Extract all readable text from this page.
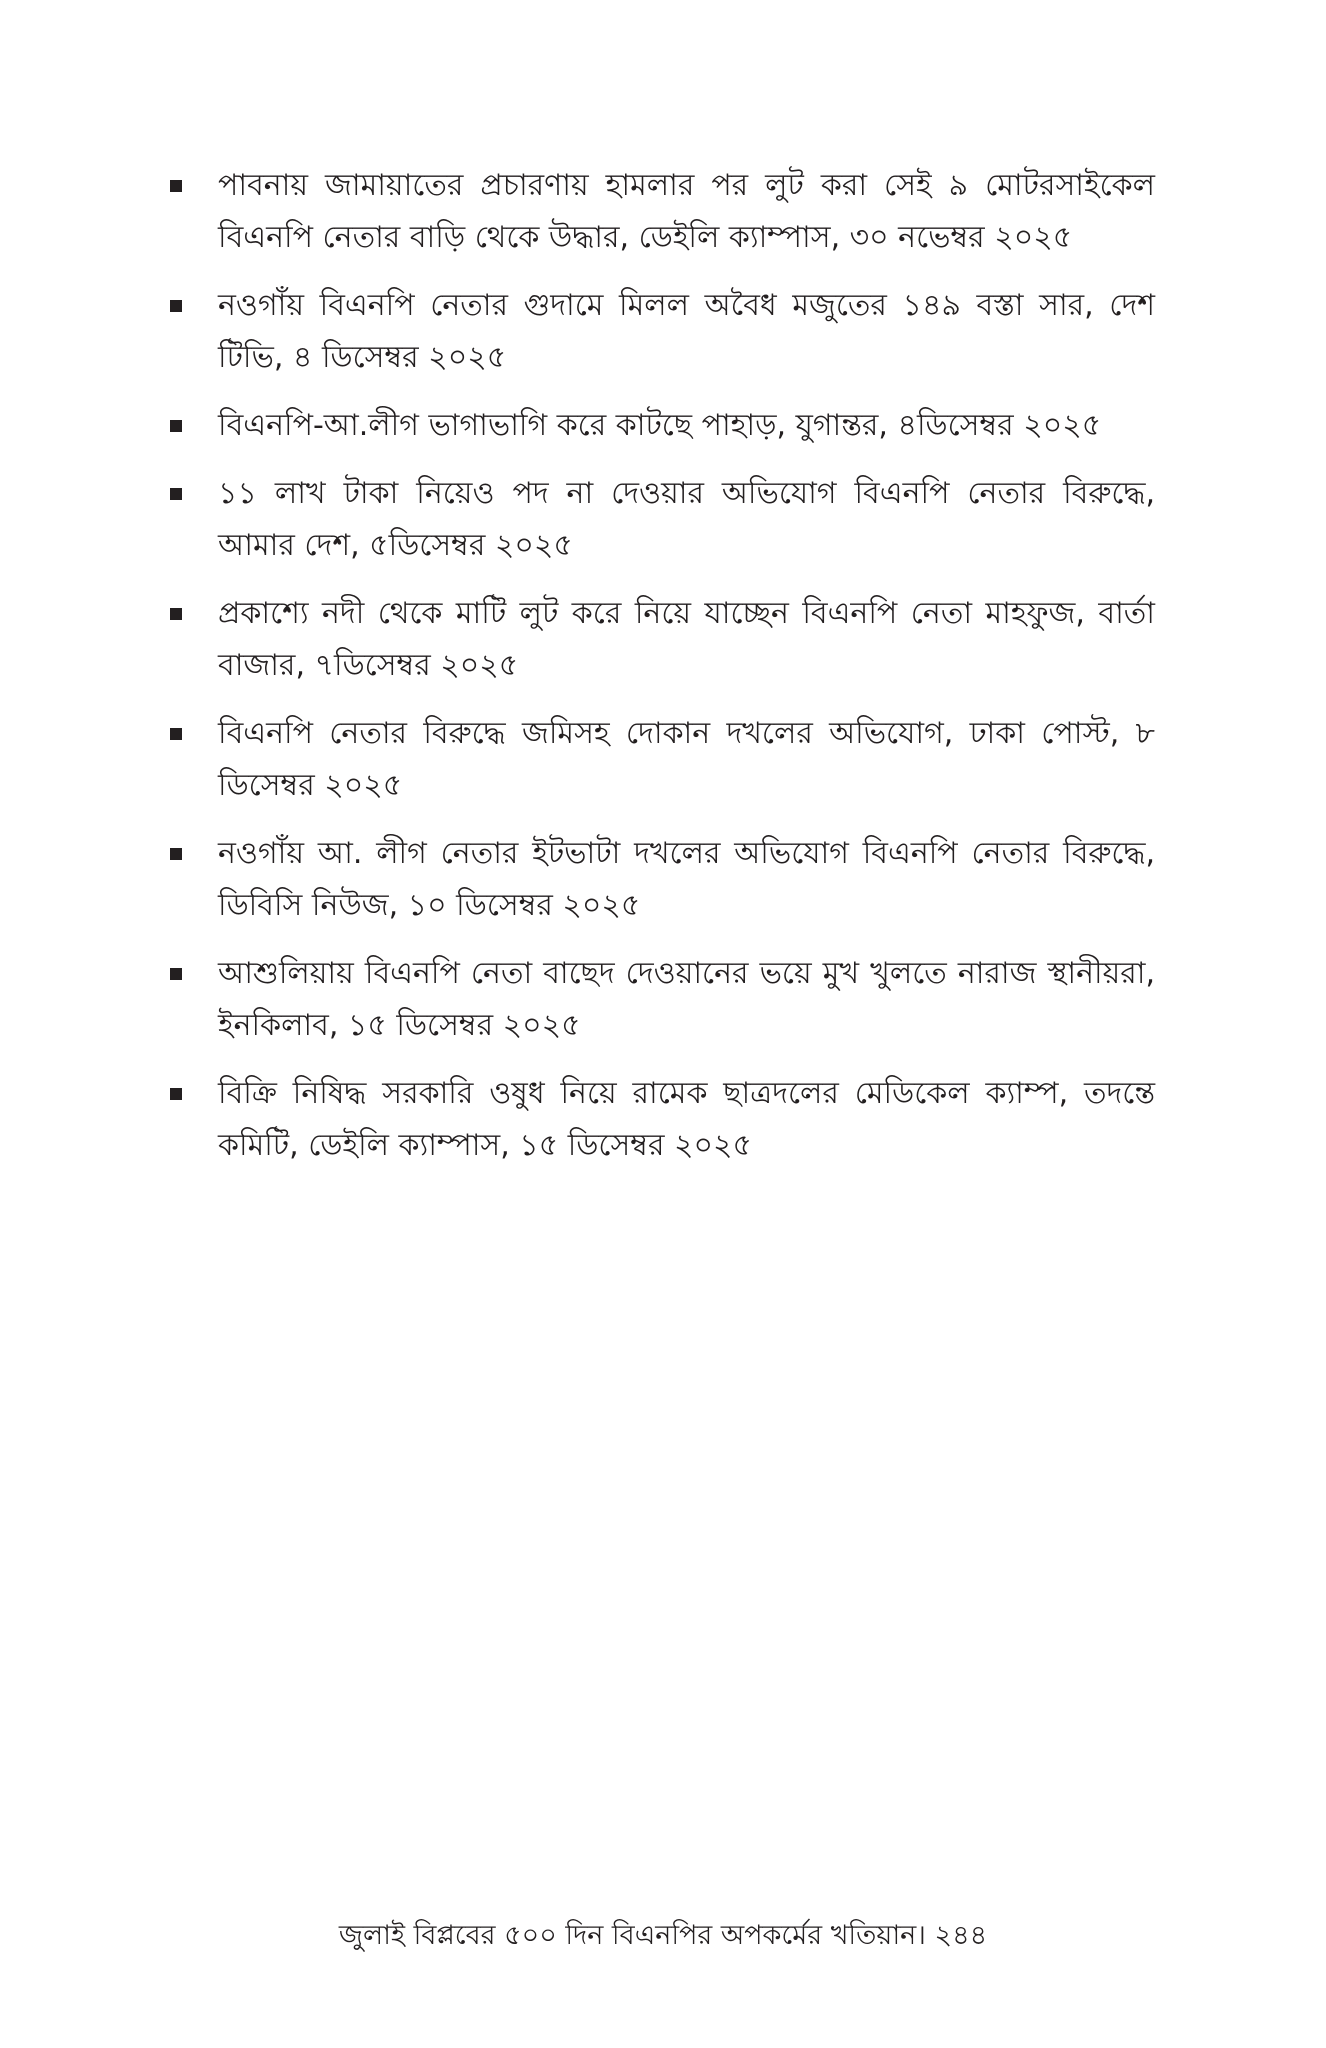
পাবনায় জামায়াতের প্রচারণায় হামলার পর লুট করা সেই ৯ মোটরসাইকেল বিএনপি নেতার বাড়ি থেকে উদ্ধার, ডেইলি ক্যাম্পাস, ৩০ নভেম্বর ২০২৫
নওগাঁয় বিএনপি নেতার গুদামে মিলল অবৈধ মজুতের ১৪৯ বস্তা সার, দেশ টিভি, ৪ ডিসেম্বর ২০২৫
বিএনপি-আ.লীগ ভাগাভাগি করে কাটছে পাহাড়, যুগান্তর, ৪ডিসেম্বর ২০২৫
১১ লাখ টাকা নিয়েও পদ না দেওয়ার অভিযোগ বিএনপি নেতার বিরুদ্ধে, আমার দেশ, ৫ডিসেম্বর ২০২৫
প্রকাশ্যে নদী থেকে মাটি লুট করে নিয়ে যাচ্ছেন বিএনপি নেতা মাহফুজ, বার্তা বাজার, ৭ডিসেম্বর ২০২৫
বিএনপি নেতার বিরুদ্ধে জমিসহ দোকান দখলের অভিযোগ, ঢাকা পোস্ট, ৮ ডিসেম্বর ২০২৫
নওগাঁয় আ. লীগ নেতার ইটভাটা দখলের অভিযোগ বিএনপি নেতার বিরুদ্ধে, ডিবিসি নিউজ, ১০ ডিসেম্বর ২০২৫
আশুলিয়ায় বিএনপি নেতা বাছেদ দেওয়ানের ভয়ে মুখ খুলতে নারাজ স্থানীয়রা, ইনকিলাব, ১৫ ডিসেম্বর ২০২৫
বিক্রি নিষিদ্ধ সরকারি ওষুধ নিয়ে রামেক ছাত্রদলের মেডিকেল ক্যাম্প, তদন্তে কমিটি, ডেইলি ক্যাম্পাস, ১৫ ডিসেম্বর ২০২৫
জুলাই বিপ্লবের ৫০০ দিন বিএনপির অপকর্মের খতিয়ান। ২৪৪
